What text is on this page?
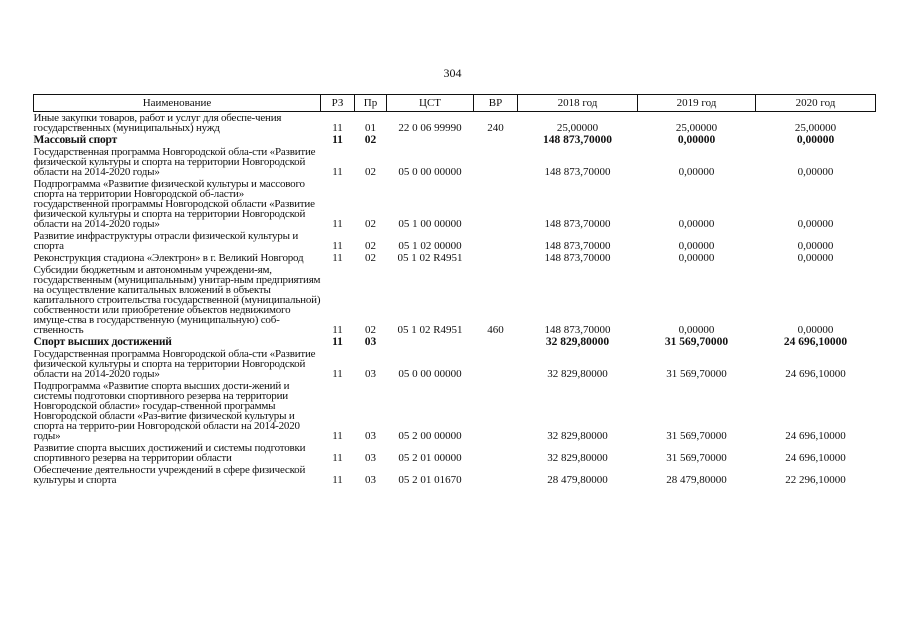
304
Наименование	РЗ	Пр	ЦСТ	ВР	2018 год	2019 год	2020 год
Иные закупки товаров, работ и услуг для обеспе-чения государственных (муниципальных) нужд	11	01	22 0 06 99990	240	25,00000	25,00000	25,00000
Массовый спорт	11	02			148 873,70000	0,00000	0,00000
Государственная программа Новгородской обла-сти «Развитие физической культуры и спорта на территории Новгородской области на 2014-2020 годы»	11	02	05 0 00 00000		148 873,70000	0,00000	0,00000
Подпрограмма «Развитие физической культуры и массового спорта на территории Новгородской об-ласти» государственной программы Новгородской области «Развитие физической культуры и спорта на территории Новгородской области на 2014-2020 годы»	11	02	05 1 00 00000		148 873,70000	0,00000	0,00000
Развитие инфраструктуры отрасли физической культуры и спорта	11	02	05 1 02 00000		148 873,70000	0,00000	0,00000
Реконструкция стадиона «Электрон» в г. Великий Новгород	11	02	05 1 02 R4951		148 873,70000	0,00000	0,00000
Субсидии бюджетным и автономным учреждени-ям, государственным (муниципальным) унитар-ным предприятиям на осуществление капитальных вложений в объекты капитального строительства государственной (муниципальной) собственности или приобретение объектов недвижимого имуще-ства в государственную (муниципальную) соб-ственность	11	02	05 1 02 R4951	460	148 873,70000	0,00000	0,00000
Спорт высших достижений	11	03			32 829,80000	31 569,70000	24 696,10000
Государственная программа Новгородской обла-сти «Развитие физической культуры и спорта на территории Новгородской области на 2014-2020 годы»	11	03	05 0 00 00000		32 829,80000	31 569,70000	24 696,10000
Подпрограмма «Развитие спорта высших дости-жений и системы подготовки спортивного резерва на территории Новгородской области» государ-ственной программы Новгородской области «Раз-витие физической культуры и спорта на террито-рии Новгородской области на 2014-2020 годы»	11	03	05 2 00 00000		32 829,80000	31 569,70000	24 696,10000
Развитие спорта высших достижений и системы подготовки спортивного резерва на территории области	11	03	05 2 01 00000		32 829,80000	31 569,70000	24 696,10000
Обеспечение деятельности учреждений в сфере физической культуры и спорта	11	03	05 2 01 01670		28 479,80000	28 479,80000	22 296,10000
